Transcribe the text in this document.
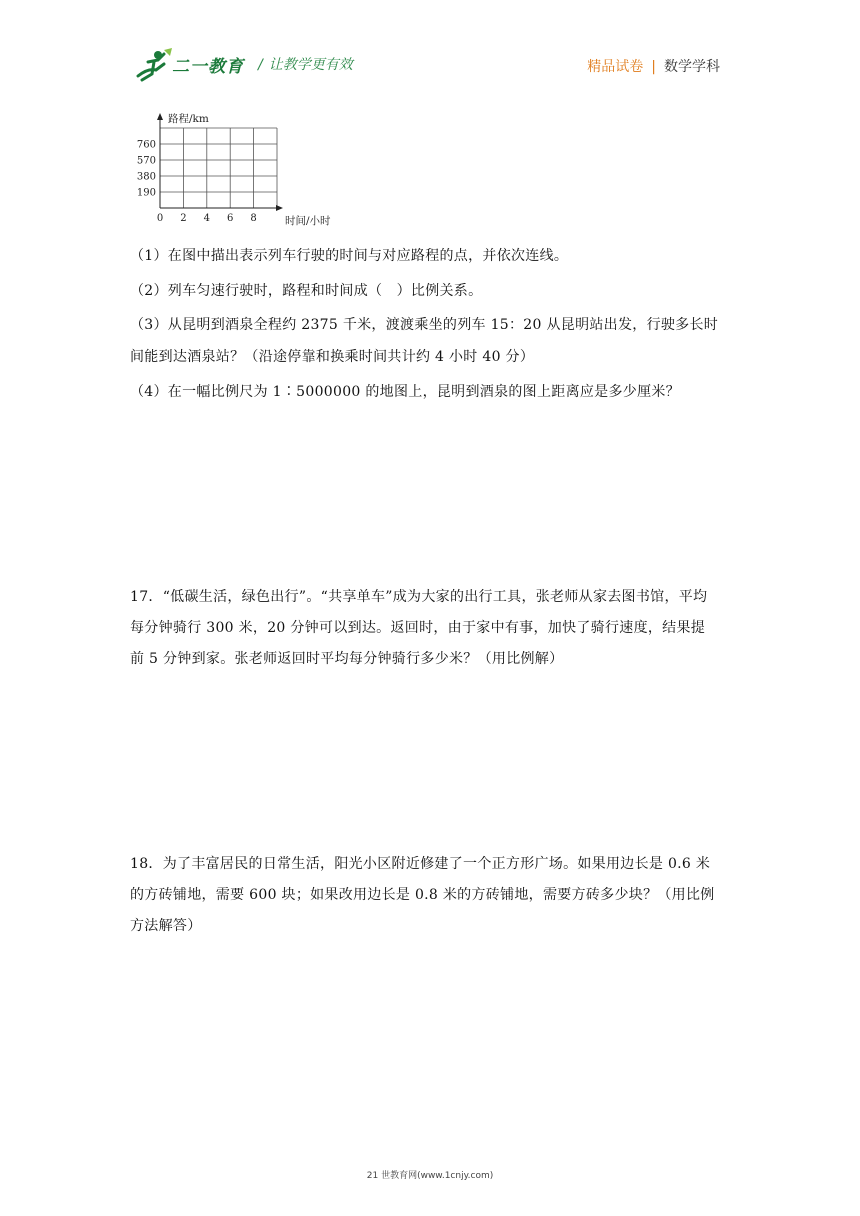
二一教育 / 让教学更有效	精品试卷 | 数学学科
0 2 4 6 8
190
380
570
760
路程/km
时间/小时
（1）在图中描出表示列车行驶的时间与对应路程的点，并依次连线。
（2）列车匀速行驶时，路程和时间成（　）比例关系。
（3）从昆明到酒泉全程约 2375 千米，渡渡乘坐的列车 15：20 从昆明站出发，行驶多长时
间能到达酒泉站？（沿途停靠和换乘时间共计约 4 小时 40 分）
（4）在一幅比例尺为 1∶5000000 的地图上，昆明到酒泉的图上距离应是多少厘米？
17．“低碳生活，绿色出行”。“共享单车”成为大家的出行工具，张老师从家去图书馆，平均
每分钟骑行 300 米，20 分钟可以到达。返回时，由于家中有事，加快了骑行速度，结果提
前 5 分钟到家。张老师返回时平均每分钟骑行多少米？（用比例解）
18．为了丰富居民的日常生活，阳光小区附近修建了一个正方形广场。如果用边长是 0.6 米
的方砖铺地，需要 600 块；如果改用边长是 0.8 米的方砖铺地，需要方砖多少块？（用比例
方法解答）
21 世教育网(www.1cnjy.com)
